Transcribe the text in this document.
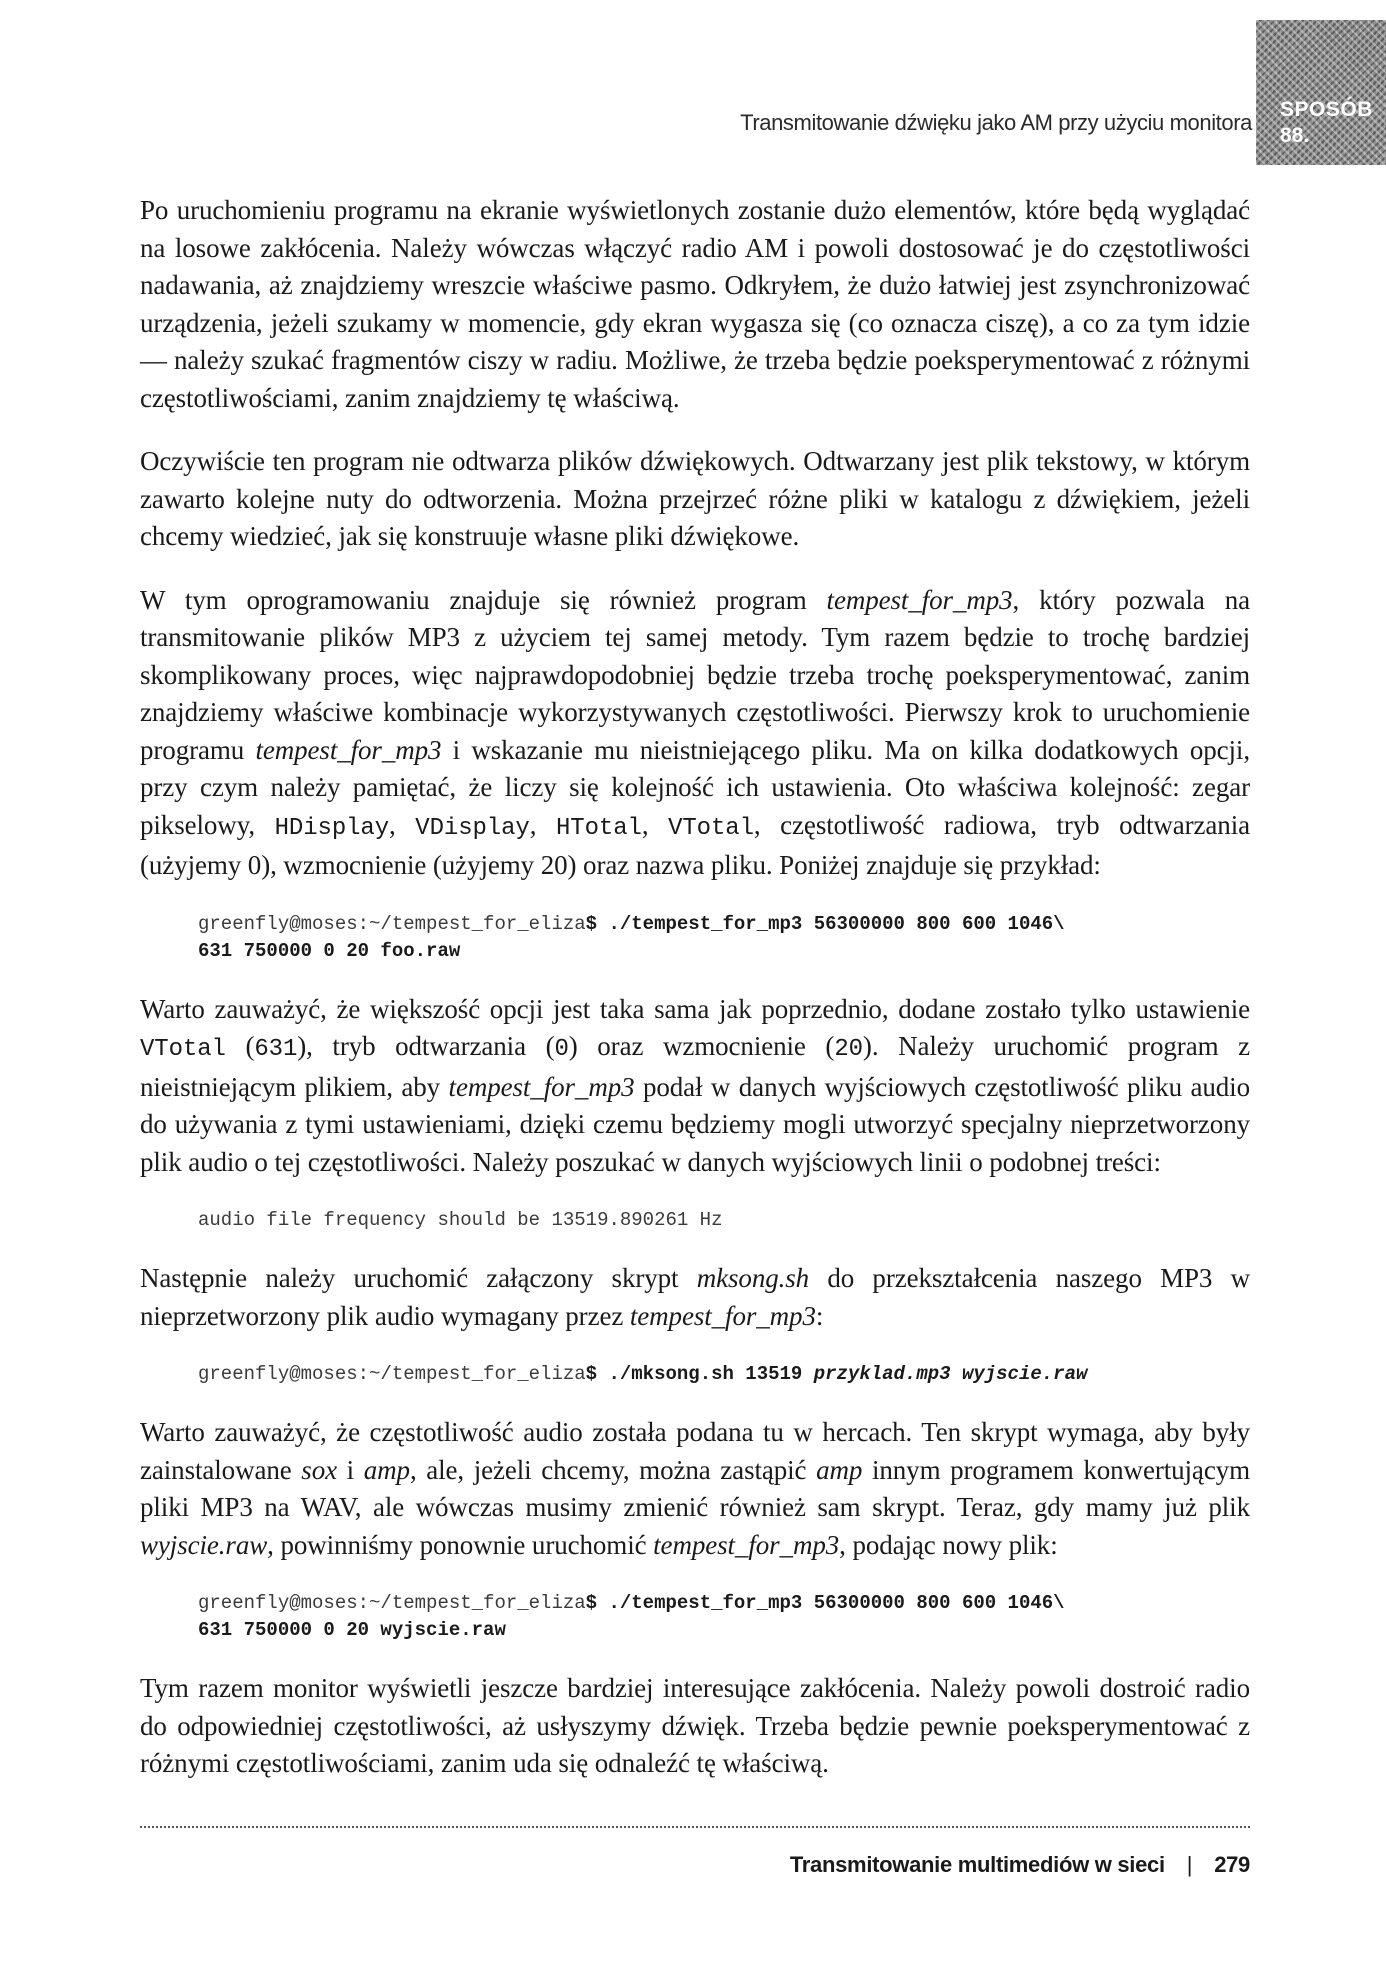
Transmitowanie dźwięku jako AM przy użyciu monitora
SPOSÓB
88.

Po uruchomieniu programu na ekranie wyświetlonych zostanie dużo elementów, które będą wyglądać na losowe zakłócenia. Należy wówczas włączyć radio AM i powoli dostosować je do częstotliwości nadawania, aż znajdziemy wreszcie właściwe pasmo. Odkryłem, że dużo łatwiej jest zsynchronizować urządzenia, jeżeli szukamy w momencie, gdy ekran wygasza się (co oznacza ciszę), a co za tym idzie — należy szukać fragmentów ciszy w radiu. Możliwe, że trzeba będzie poeksperymentować z różnymi częstotliwościami, zanim znajdziemy tę właściwą.

Oczywiście ten program nie odtwarza plików dźwiękowych. Odtwarzany jest plik tekstowy, w którym zawarto kolejne nuty do odtworzenia. Można przejrzeć różne pliki w katalogu z dźwiękiem, jeżeli chcemy wiedzieć, jak się konstruuje własne pliki dźwiękowe.

W tym oprogramowaniu znajduje się również program tempest_for_mp3, który pozwala na transmitowanie plików MP3 z użyciem tej samej metody. Tym razem będzie to trochę bardziej skomplikowany proces, więc najprawdopodobniej będzie trzeba trochę poeksperymentować, zanim znajdziemy właściwe kombinacje wykorzystywanych częstotliwości. Pierwszy krok to uruchomienie programu tempest_for_mp3 i wskazanie mu nieistniejącego pliku. Ma on kilka dodatkowych opcji, przy czym należy pamiętać, że liczy się kolejność ich ustawienia. Oto właściwa kolejność: zegar pikselowy, HDisplay, VDisplay, HTotal, VTotal, częstotliwość radiowa, tryb odtwarzania (użyjemy 0), wzmocnienie (użyjemy 20) oraz nazwa pliku. Poniżej znajduje się przykład:

greenfly@moses:~/tempest_for_eliza$ ./tempest_for_mp3 56300000 800 600 1046\
631 750000 0 20 foo.raw

Warto zauważyć, że większość opcji jest taka sama jak poprzednio, dodane zostało tylko ustawienie VTotal (631), tryb odtwarzania (0) oraz wzmocnienie (20). Należy uruchomić program z nieistniejącym plikiem, aby tempest_for_mp3 podał w danych wyjściowych częstotliwość pliku audio do używania z tymi ustawieniami, dzięki czemu będziemy mogli utworzyć specjalny nieprzetworzony plik audio o tej częstotliwości. Należy poszukać w danych wyjściowych linii o podobnej treści:

audio file frequency should be 13519.890261 Hz

Następnie należy uruchomić załączony skrypt mksong.sh do przekształcenia naszego MP3 w nieprzetworzony plik audio wymagany przez tempest_for_mp3:

greenfly@moses:~/tempest_for_eliza$ ./mksong.sh 13519 przyklad.mp3 wyjscie.raw

Warto zauważyć, że częstotliwość audio została podana tu w hercach. Ten skrypt wymaga, aby były zainstalowane sox i amp, ale, jeżeli chcemy, można zastąpić amp innym programem konwertującym pliki MP3 na WAV, ale wówczas musimy zmienić również sam skrypt. Teraz, gdy mamy już plik wyjscie.raw, powinniśmy ponownie uruchomić tempest_for_mp3, podając nowy plik:

greenfly@moses:~/tempest_for_eliza$ ./tempest_for_mp3 56300000 800 600 1046\
631 750000 0 20 wyjscie.raw

Tym razem monitor wyświetli jeszcze bardziej interesujące zakłócenia. Należy powoli dostroić radio do odpowiedniej częstotliwości, aż usłyszymy dźwięk. Trzeba będzie pewnie poeksperymentować z różnymi częstotliwościami, zanim uda się odnaleźć tę właściwą.

Transmitowanie multimediów w sieci | 279
